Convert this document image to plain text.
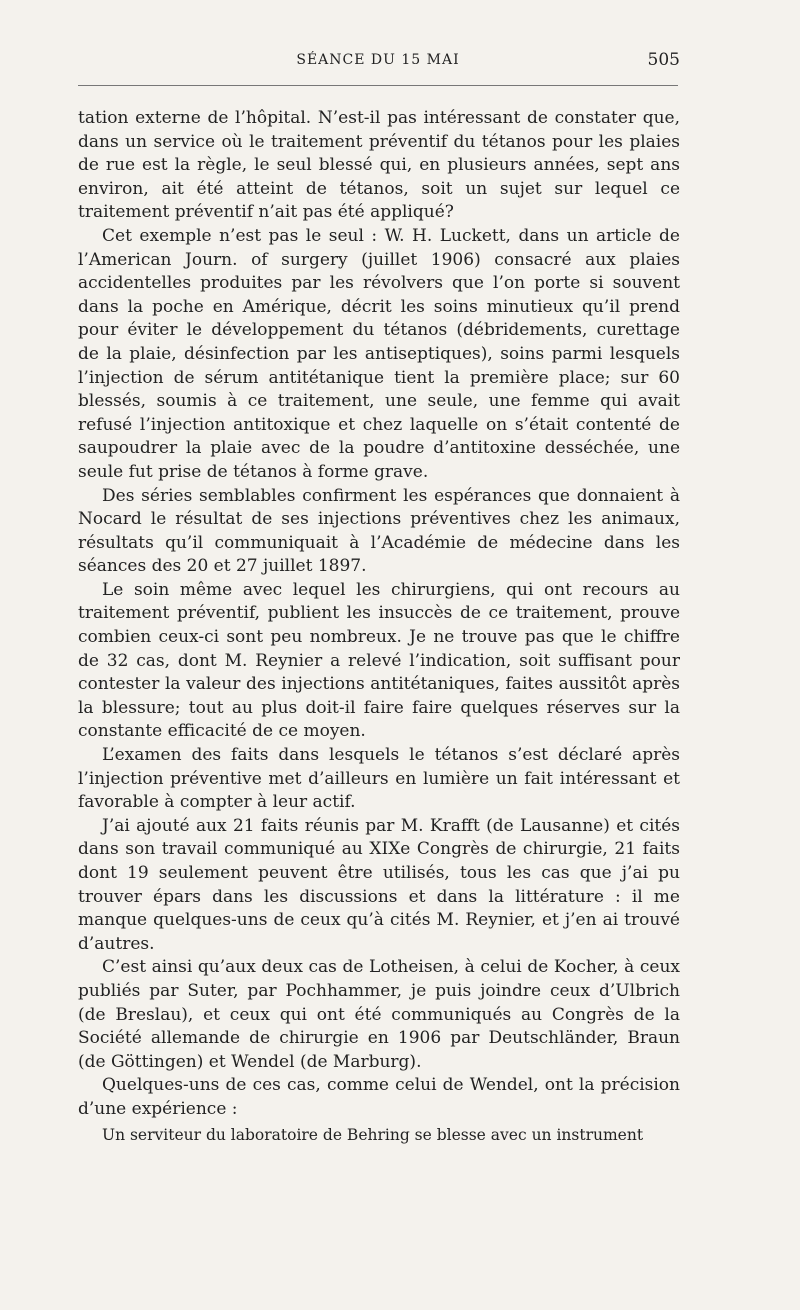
SÉANCE DU 15 MAI	505

tation externe de l’hôpital. N’est-il pas intéressant de constater que, dans un service où le traitement préventif du tétanos pour les plaies de rue est la règle, le seul blessé qui, en plusieurs années, sept ans environ, ait été atteint de tétanos, soit un sujet sur lequel ce traitement préventif n’ait pas été appliqué?

Cet exemple n’est pas le seul : W. H. Luckett, dans un article de l’American Journ. of surgery (juillet 1906) consacré aux plaies accidentelles produites par les révolvers que l’on porte si souvent dans la poche en Amérique, décrit les soins minutieux qu’il prend pour éviter le développement du tétanos (débridements, curettage de la plaie, désinfection par les antiseptiques), soins parmi lesquels l’injection de sérum antitétanique tient la première place; sur 60 blessés, soumis à ce traitement, une seule, une femme qui avait refusé l’injection antitoxique et chez laquelle on s’était contenté de saupoudrer la plaie avec de la poudre d’antitoxine desséchée, une seule fut prise de tétanos à forme grave.

Des séries semblables confirment les espérances que donnaient à Nocard le résultat de ses injections préventives chez les animaux, résultats qu’il communiquait à l’Académie de médecine dans les séances des 20 et 27 juillet 1897.

Le soin même avec lequel les chirurgiens, qui ont recours au traitement préventif, publient les insuccès de ce traitement, prouve combien ceux-ci sont peu nombreux. Je ne trouve pas que le chiffre de 32 cas, dont M. Reynier a relevé l’indication, soit suffisant pour contester la valeur des injections antitétaniques, faites aussitôt après la blessure; tout au plus doit-il faire faire quelques réserves sur la constante efficacité de ce moyen.

L’examen des faits dans lesquels le tétanos s’est déclaré après l’injection préventive met d’ailleurs en lumière un fait intéressant et favorable à compter à leur actif.

J’ai ajouté aux 21 faits réunis par M. Krafft (de Lausanne) et cités dans son travail communiqué au XIXe Congrès de chirurgie, 21 faits dont 19 seulement peuvent être utilisés, tous les cas que j’ai pu trouver épars dans les discussions et dans la littérature : il me manque quelques-uns de ceux qu’à cités M. Reynier, et j’en ai trouvé d’autres.

C’est ainsi qu’aux deux cas de Lotheisen, à celui de Kocher, à ceux publiés par Suter, par Pochhammer, je puis joindre ceux d’Ulbrich (de Breslau), et ceux qui ont été communiqués au Congrès de la Société allemande de chirurgie en 1906 par Deutschländer, Braun (de Göttingen) et Wendel (de Marburg).

Quelques-uns de ces cas, comme celui de Wendel, ont la précision d’une expérience :

Un serviteur du laboratoire de Behring se blesse avec un instrument
